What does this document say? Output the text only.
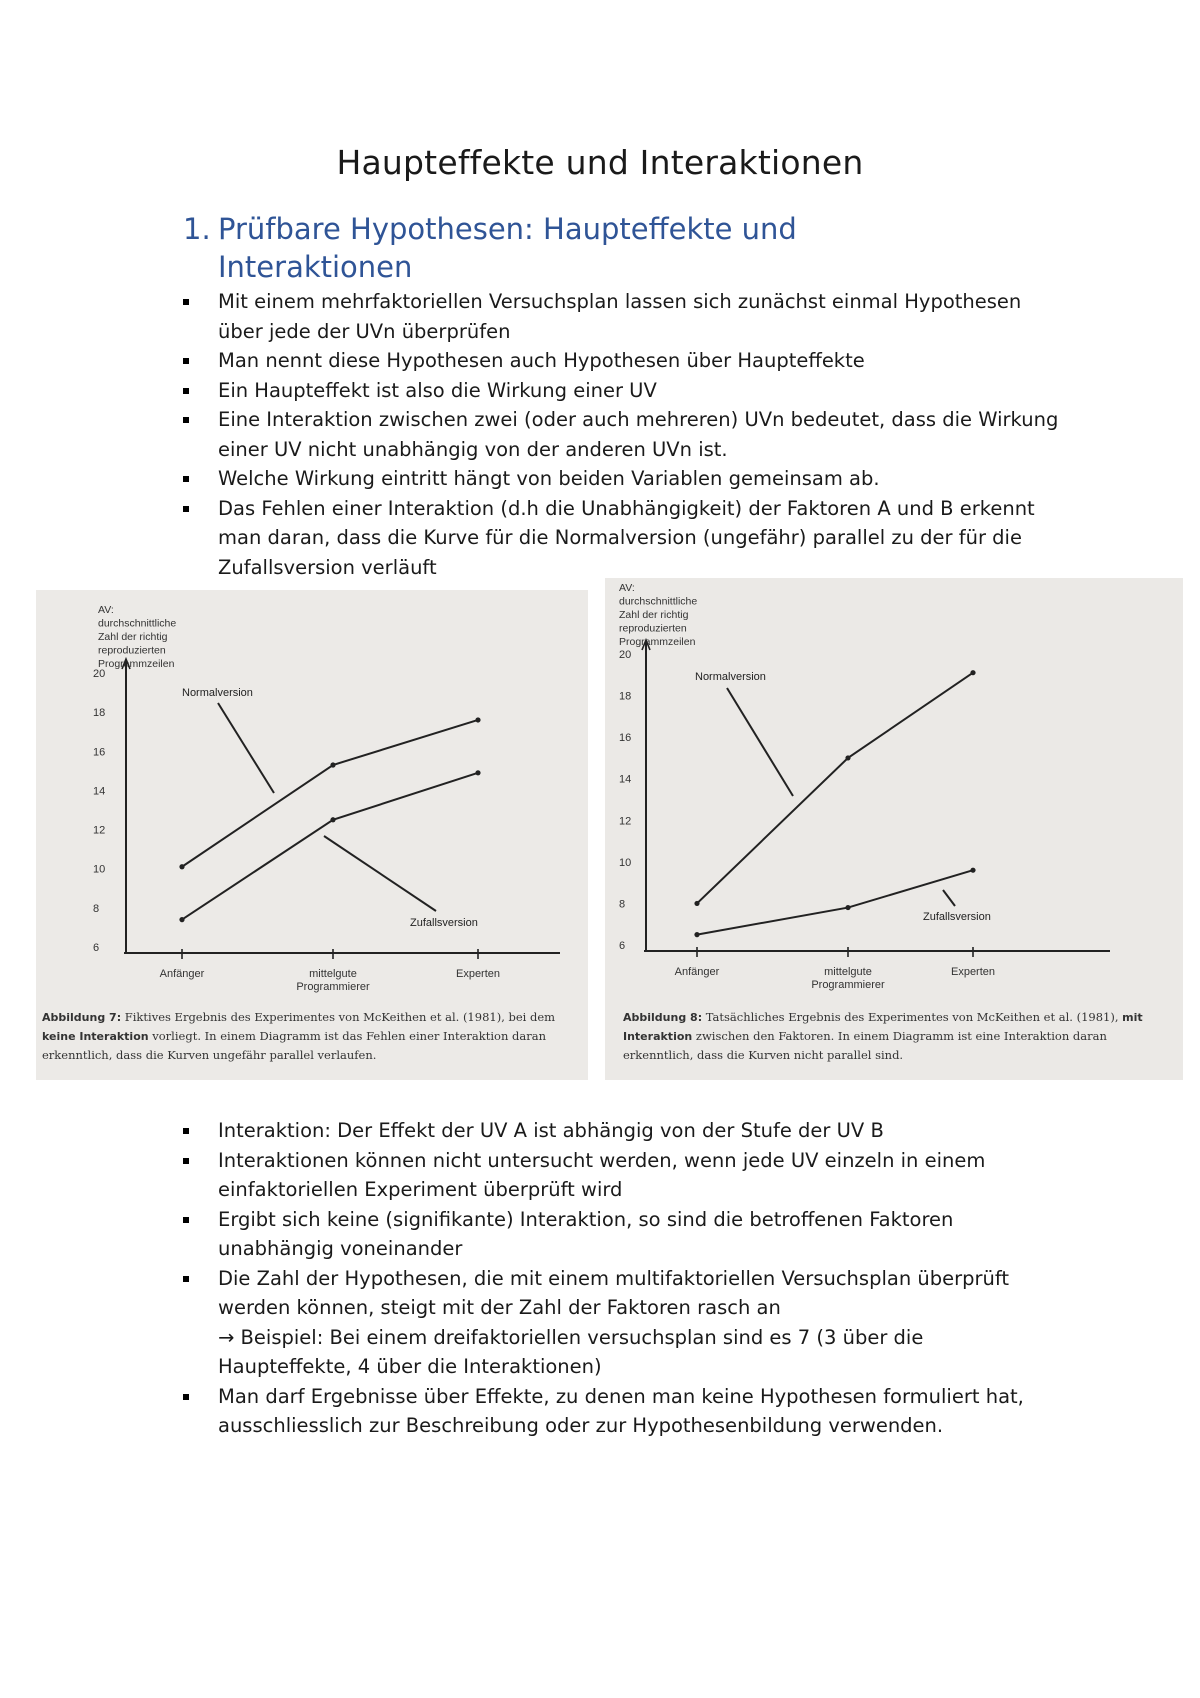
Haupteffekte und Interaktionen
1. Prüfbare Hypothesen: Haupteffekte und Interaktionen
Mit einem mehrfaktoriellen Versuchsplan lassen sich zunächst einmal Hypothesen über jede der UVn überprüfen
Man nennt diese Hypothesen auch Hypothesen über Haupteffekte
Ein Haupteffekt ist also die Wirkung einer UV
Eine Interaktion zwischen zwei (oder auch mehreren) UVn bedeutet, dass die Wirkung einer UV nicht unabhängig von der anderen UVn ist.
Welche Wirkung eintritt hängt von beiden Variablen gemeinsam ab.
Das Fehlen einer Interaktion (d.h die Unabhängigkeit) der Faktoren A und B erkennt man daran, dass die Kurve für die Normalversion (ungefähr) parallel zu der für die Zufallsversion verläuft
AV:
durchschnittliche
Zahl der richtig
reproduzierten
Programmzeilen
6
8
10
12
14
16
18
20
Anfänger	mittelgute
Programmierer
Experten
Normalversion
Zufallsversion
Abbildung 7: Fiktives Ergebnis des Experimentes von McKeithen et al. (1981), bei dem keine Interaktion vorliegt. In einem Diagramm ist das Fehlen einer Interaktion daran erkenntlich, dass die Kurven ungefähr parallel verlaufen.
AV:
durchschnittliche
Zahl der richtig
reproduzierten
Programmzeilen
6
8
10
12
14
16
18
20
Anfänger	mittelgute
Programmierer
Experten
Normalversion
Zufallsversion
Abbildung 8: Tatsächliches Ergebnis des Experimentes von McKeithen et al. (1981), mit Interaktion zwischen den Faktoren. In einem Diagramm ist eine Interaktion daran erkenntlich, dass die Kurven nicht parallel sind.
Interaktion: Der Effekt der UV A ist abhängig von der Stufe der UV B
Interaktionen können nicht untersucht werden, wenn jede UV einzeln in einem einfaktoriellen Experiment überprüft wird
Ergibt sich keine (signifikante) Interaktion, so sind die betroffenen Faktoren unabhängig voneinander
Die Zahl der Hypothesen, die mit einem multifaktoriellen Versuchsplan überprüft werden können, steigt mit der Zahl der Faktoren rasch an
→ Beispiel: Bei einem dreifaktoriellen versuchsplan sind es 7 (3 über die Haupteffekte, 4 über die Interaktionen)
Man darf Ergebnisse über Effekte, zu denen man keine Hypothesen formuliert hat, ausschliesslich zur Beschreibung oder zur Hypothesenbildung verwenden.
